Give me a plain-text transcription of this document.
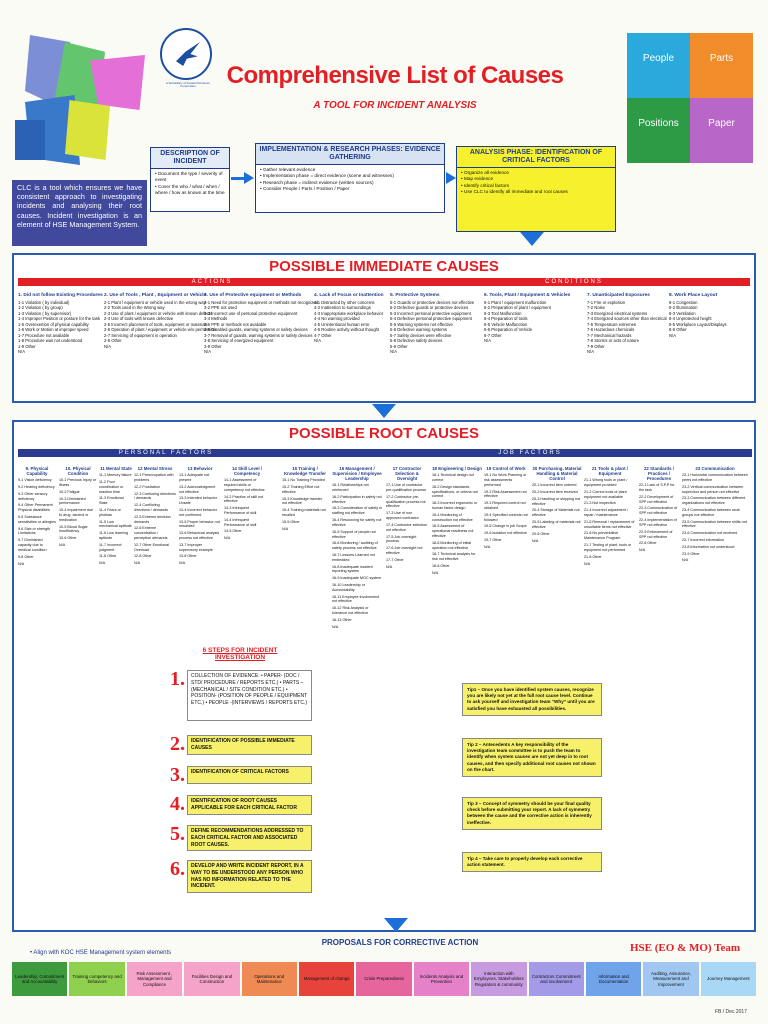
A Subsidiary of Kuwait Petroleum Corporation	Comprehensive List of Causes
A TOOL FOR INCIDENT ANALYSIS
People	Parts
Positions	Paper
CLC is a tool which ensures we have consistent approach to investigating incidents and analysing their root causes. Incident investigation is an element of HSE Management System.
DESCRIPTION OF INCIDENT
• Document the type / severity of event
• Cover the who / what / when / where / how as known at the time
IMPLEMENTATION & RESEARCH PHASES: EVIDENCE GATHERING
• Gather relevant evidence
• Implementation phase = direct evidence (scene and witnesses)
• Research phase = indirect evidence (written sources)
• Consider People / Parts / Position / Paper
ANALYSIS PHASE: IDENTIFICATION OF CRITICAL FACTORS
• Organize all evidence
• Map evidence
• Identify critical factors
• Use CLC to identify all immediate and root causes
POSSIBLE IMMEDIATE CAUSES
ACTIONS	CONDITIONS
1. Did not follow Existing Procedures
1-1 Violation ( by individual)
1-2 Violation ( by group)
1-3 Violation ( by supervisor)
1-4 Improper Position or posture for the task
1-5 Overexertion of physical capability
1-6 Work or Motion at improper speed
1-7 Procedure not available
1-8 Procedure was not understood
1-9 Other
N/A
2. Use of Tools , Plant , Equipment or Vehicle
2-1 Plant / equipment or vehicle used in the wrong way
2-2 Tools used in the Wrong way
2-3 Use of plant / equipment or vehicle with known defects
2-4 Use of tools with known defective
2-5 Incorrect placement of tools, equipment or materials
2-6 Operation of plant / equipment or vehicle w/o permission
2-7 Servicing of equipment in operation
2-8 Other
N/A
3. Use of Protective equipment or Methods
3-1 Need for protective equipment or methods not recognized
3-2 PPE not used
3-3 Incorrect use of personal protective equipment
3-4 Methods
3-5 PPE or methods not available
3-6 Disabled guards, warning systems or safety devices
3-7 Removal of guards, warning systems or safety devices
3-8 Servicing of energized equipment
3-9 Other
N/A
4. Lack of Focus or Inattention
4-1 Distracted by other concerns
4-2 Inattention to surroundings
4-3 Inappropriate workplace behavior
4-4 No warning provided
4-5 Unintentional human error
4-6 Routine activity without thought
4-7 Other
N/A
5. Protective Systems
5-1 Guards or protective devices not effective
5-2 Defective guards or protective devices
5-3 Incorrect personal protective equipment
5-4 Defective personal protective equipment
5-5 Warning systems not effective
5-6 Defective warning systems
5-7 Safety devices were effective
5-8 Defective safety devices
5-9 Other
N/A
6. Tools, Plant / Equipment & Vehicles
6-1 Plant / equipment malfunction
6-2 Preparation of plant / equipment
6-3 Tool Malfunction
6-4 Preparation of tools
6-5 Vehicle Malfunction
6-6 Preparation of Vehicle
6-7 Other
N/A
7. Unanticipated Exposures
7-1 Fire or explosion
7-2 Noise
7-3 Energized electrical systems
7-4 Energized sources other than electrical
7-5 Temperature extremes
7-6 Hazardous chemicals
7-7 Mechanical hazards
7-8 Storms or acts of nature
7-9 Other
N/A
8. Work Place Layout
8-1 Congestion
8-2 Illumination
8-3 Ventilation
8-4 Unprotected height
8-5 Workplace Layout/Displays
8-6 Other
N/A
POSSIBLE ROOT CAUSES
PERSONAL FACTORS	JOB FACTORS
9. Physical Capability
9-1 Vision deficiency
9-2 Hearing deficiency
9-3 Other sensory deficiency
9-4 Other Permanent Physical disabilities
9-5 Substance sensitivities or allergies
9-6 Size or strength Limitations
9-7 Diminished capacity due to medical condition
9-8 Other
N/A
10. Physical Condition
10-1 Previous Injury or illness
10-2 Fatigue
10-3 Diminished performance
10-4 Impairment due to drug, alcohol or medication
10-5 Blood Sugar Insufficiency
10-6 Other
N/A
11 Mental State
11-1 Memory failure
11-2 Poor coordination or reaction time
11-3 Emotional State
11-4 Fears or phobias
11-5 Low mechanical aptitude
11-6 Low learning aptitude
11-7 Incorrect judgment
11-8 Other
N/A
12 Mental Stress
12-1 Preoccupation with problems
12-2 Frustration
12-3 Confusing directions / demands
12-4 Conflicting directions / demands
12-5 Extreme decision demands
12-6 Extreme concentration / perception demands
12-7 Other Emotional Overload
12-8 Other
N/A
13 Behavior
13-1 Adequate not present
13-2 Acknowledgment not effective
13-3 Intended behavior Unsafe
13-4 Incorrect behavior not confirmed
13-5 Proper behavior not rewarded
13-6 Behavioral analysis process not effective
13-7 Improper supervisory example
13-8 Other
N/A
14 Skill Level / Competency
14-1 Assessment of required skills or competency not effective
14-2 Practice of skill not effective
14-3 Infrequent Performance of skill
14-4 Infrequent Performance of skill
14-5 Other
N/A
15 Training / Knowledge Transfer
15-1 No Training Provided
15-2 Training Effort not effective
15-3 Knowledge transfer not effective
15-4 Training materials not recalled
15-5 Other
N/A
16 Management / Supervision / Employee Leadership
16-1 Relationships not reinforced
16-2 Participation in safety not effective
16-3 Consideration of safety in staffing not effective
16-4 Resourcing for safety not effective
16-5 Support of people not effective
16-6 Monitoring / auditing of safety process not effective
16-7 Lessons Learned not embedded
16-8 Inadequate incident reporting system
16-9 Inadequate MOC system
16-10 Leadership or Accountability
16-11 Employee involvement not effective
16-12 Risk Analysis or tolerance not effective
16-13 Other
N/A
17 Contractor Selection & Oversight
17-1 Use of contractor pre-qualification process
17-2 Contractor pre-qualification process not effective
17-3 Use of non approved contractor
17-4 Contractor selection not effective
17-5 Job oversight process
17-6 Job oversight not effective
17-7 Other
N/A
18 Engineering / Design
18-1 Technical design not correct
18-2 Design standards, specifications, or criteria not correct
18-3 Incorrect ergonomic or human factor design
18-4 Monitoring of construction not effective
18-5 Assessment of operational readiness not effective
18-6 Monitoring of initial operation not effective
18-7 Technical analysis for risk not effective
18-8 Other
N/A
19 Control of Work
19-1 No Work Planning or risk assessments performed
19-2 Risk Assessment not effective
19-3 Required control not obtained
19-4 Specified controls not followed
19-5 Change in job Scope
19-6 Isolation not effective
19-7 Other
N/A
20 Purchasing, Material Handling & Material Control
20-1 Incorrect item ordered
20-2 Incorrect item received
20-3 Handling or shipping not effective
20-4 Storage of Materials not effective
20-5 Labeling of materials not effective
20-6 Other
N/A
21 Tools & plant / Equipment
21-1 Wrong tools or plant / equipment provided
21-2 Correct tools or plant equipment not available
21-3 Not inspection
21-4 Incorrect adjustment / repair / maintenance
21-5 Removal / replacement of unsuitable items not effective
21-6 No preventative Maintenance Program
21-7 Testing of plant, tools or equipment not performed
21-8 Other
N/A
22 Standards / Practices / Procedures
22-1 Lack of S.P.P for the task
22-2 Development of SPP not effective
22-3 Communication of SPP not effective
22-4 Implementation of SPP not effective
22-5 Enforcement of SPP not effective
22-6 Other
N/A
23 Communication
23-1 Horizontal communication between peers not effective
23-2 Vertical communication between supervisor and person not effective
23-3 Communication between different organizations not effective
23-4 Communication between work groups not effective
23-5 Communication between shifts not effective
23-6 Communication not received
23-7 Incorrect information
23-8 Information not understood
23-9 Other
N/A
6 STEPS FOR INCIDENT INVESTIGATION
1.	COLLECTION OF EVIDENCE: • PAPER- (DOC / STD/ PROCEDURE / REPORTS ETC.) • PARTS –(MECHANICAL / SITE CONDITION ETC.) • POSITION- (POSITION OF PEOPLE / EQUIPMENT ETC.) • PEOPLE -(INTERVIEWS / REPORTS ETC.)
2.	IDENTIFICATION OF POSSIBLE IMMEDIATE CAUSES
3.	IDENTIFICATION OF CRITICAL FACTORS
4.	IDENTIFICATION OF ROOT CAUSES APPLICABLE FOR EACH CRITICAL FACTOR
5.	DEFINE RECOMMENDATIONS ADDRESSED TO EACH CRITICAL FACTOR AND ASSOCIATED ROOT CAUSES.
6.	DEVELOP AND WRITE INCIDENT REPORT, IN A WAY TO BE UNDERSTOOD ANY PERSON WHO HAS NO INFORMATION RELATED TO THE INCIDENT.
Tip1 – Once you have identified system causes, recognize you are likely not yet at the full root cause level. Continue to ask yourself and investigation team “Why” until you are satisfied you have exhausted all possibilities.
Tip 2 – Antecedents A key responsibility of the investigation team committee is to push the team to identify when system causes are not yet deep in to root causes, and then specify additional root causes not shown on the chart.
Tip 3 – Concept of symmetry should be your final quality check before submitting your report. A lack of symmetry between the cause and the corrective action is inherently ineffective.
Tip 4 – Take care to properly develop each corrective action statement.
PROPOSALS FOR CORRECTIVE ACTION	HSE (EO & MO) Team
• Align with KOC HSE Management system elements
Leadership, Commitment and Accountability
Training competency and behaviors
Risk Assessment , Management and Compliance
Facilities Design and Construction
Operations and Maintenance
Management of change	Crisis Preparedness
Incidents Analysis and Prevention
Interaction with Employees, Stakeholders Regulators & community
Contractors Commitment and involvement
Information and Documentation
Auditing, Assurance, Measurement and Improvement
Journey Management
FB / Dec 2017
